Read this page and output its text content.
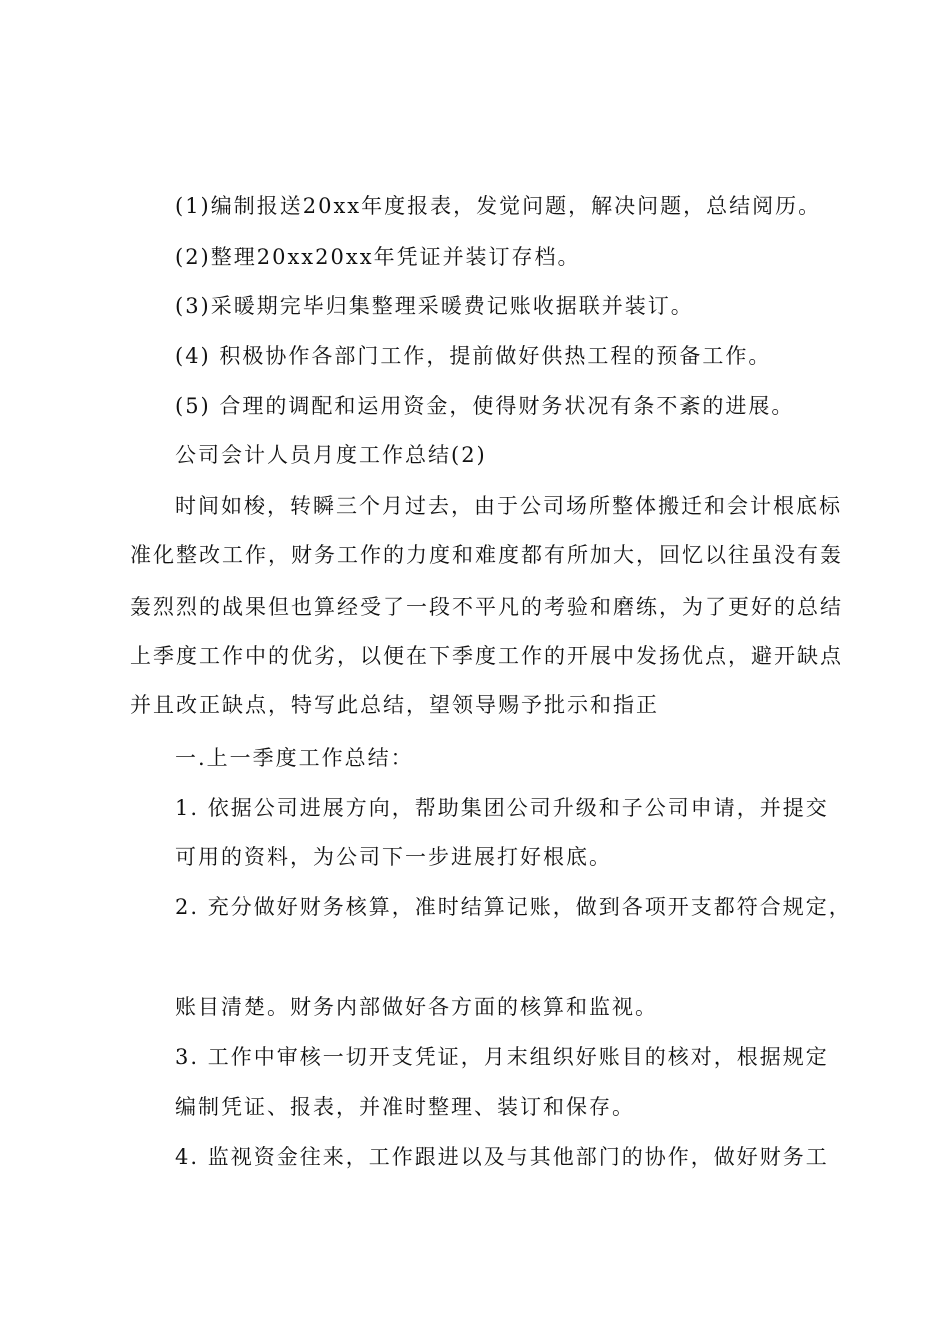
(1)编制报送20xx年度报表，发觉问题，解决问题，总结阅历。
(2)整理20xx20xx年凭证并装订存档。
(3)采暖期完毕归集整理采暖费记账收据联并装订。
(4) 积极协作各部门工作，提前做好供热工程的预备工作。
(5) 合理的调配和运用资金，使得财务状况有条不紊的进展。
公司会计人员月度工作总结(2)
时间如梭，转瞬三个月过去，由于公司场所整体搬迁和会计根底标
准化整改工作，财务工作的力度和难度都有所加大，回忆以往虽没有轰
轰烈烈的战果但也算经受了一段不平凡的考验和磨练，为了更好的总结
上季度工作中的优劣，以便在下季度工作的开展中发扬优点，避开缺点
并且改正缺点，特写此总结，望领导赐予批示和指正
一.上一季度工作总结：
1. 依据公司进展方向，帮助集团公司升级和子公司申请，并提交
可用的资料，为公司下一步进展打好根底。
2. 充分做好财务核算，准时结算记账，做到各项开支都符合规定，
账目清楚。财务内部做好各方面的核算和监视。
3. 工作中审核一切开支凭证，月末组织好账目的核对，根据规定
编制凭证、报表，并准时整理、装订和保存。
4. 监视资金往来，工作跟进以及与其他部门的协作，做好财务工
